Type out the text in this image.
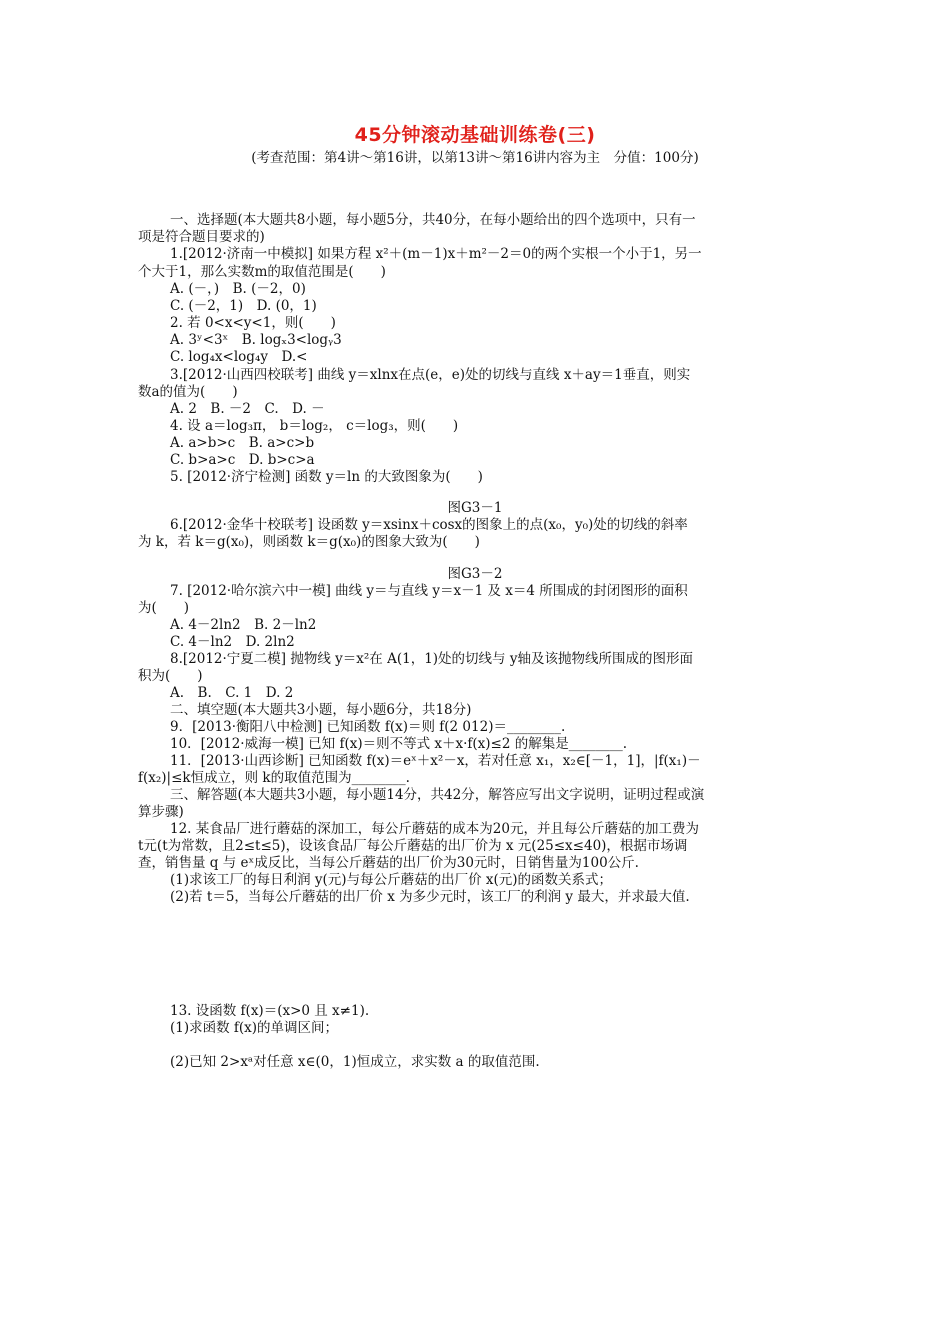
45分钟滚动基础训练卷(三)
(考查范围：第4讲～第16讲，以第13讲～第16讲内容为主　分值：100分)
一、选择题(本大题共8小题，每小题5分，共40分，在每小题给出的四个选项中，只有一
项是符合题目要求的)
1.[2012·济南一中模拟] 如果方程 x²＋(m－1)x＋m²－2＝0的两个实根一个小于1，另一
个大于1，那么实数m的取值范围是(　　)
A. (－，)　B. (－2，0)
C. (－2，1)　D. (0，1)
2. 若 0<x<y<1，则(　　)
A. 3ʸ<3ˣ　B. logₓ3<logᵧ3
C. log₄x<log₄y　D.<
3.[2012·山西四校联考] 曲线 y＝xlnx在点(e，e)处的切线与直线 x＋ay＝1垂直，则实
数a的值为(　　)
A. 2　B. －2　C.　D. －
4. 设 a＝log₃π， b＝log₂， c＝log₃，则(　　)
A. a>b>c　B. a>c>b
C. b>a>c　D. b>c>a
5. [2012·济宁检测] 函数 y＝ln 的大致图象为(　　)
图G3－1
6.[2012·金华十校联考] 设函数 y＝xsinx＋cosx的图象上的点(x₀，y₀)处的切线的斜率
为 k，若 k＝g(x₀)，则函数 k＝g(x₀)的图象大致为(　　)
图G3－2
7. [2012·哈尔滨六中一模] 曲线 y＝与直线 y＝x－1 及 x＝4 所围成的封闭图形的面积
为(　　)
A. 4－2ln2　B. 2－ln2
C. 4－ln2　D. 2ln2
8.[2012·宁夏二模] 抛物线 y＝x²在 A(1，1)处的切线与 y轴及该抛物线所围成的图形面
积为(　　)
A.　B.　C. 1　D. 2
二、填空题(本大题共3小题，每小题6分，共18分)
9．[2013·衡阳八中检测] 已知函数 f(x)＝则 f(2 012)＝________.
10．[2012·威海一模] 已知 f(x)＝则不等式 x＋x·f(x)≤2 的解集是________.
11．[2013·山西诊断] 已知函数 f(x)＝eˣ＋x²－x，若对任意 x₁，x₂∈[－1，1]，|f(x₁)－
f(x₂)|≤k恒成立，则 k的取值范围为________.
三、解答题(本大题共3小题，每小题14分，共42分，解答应写出文字说明，证明过程或演
算步骤)
12. 某食品厂进行蘑菇的深加工，每公斤蘑菇的成本为20元，并且每公斤蘑菇的加工费为
t元(t为常数，且2≤t≤5)，设该食品厂每公斤蘑菇的出厂价为 x 元(25≤x≤40)，根据市场调
查，销售量 q 与 eˣ成反比，当每公斤蘑菇的出厂价为30元时，日销售量为100公斤.
(1)求该工厂的每日利润 y(元)与每公斤蘑菇的出厂价 x(元)的函数关系式；
(2)若 t＝5，当每公斤蘑菇的出厂价 x 为多少元时，该工厂的利润 y 最大，并求最大值.
13. 设函数 f(x)＝(x>0 且 x≠1).
(1)求函数 f(x)的单调区间；
(2)已知 2>xᵃ对任意 x∈(0，1)恒成立，求实数 a 的取值范围.
